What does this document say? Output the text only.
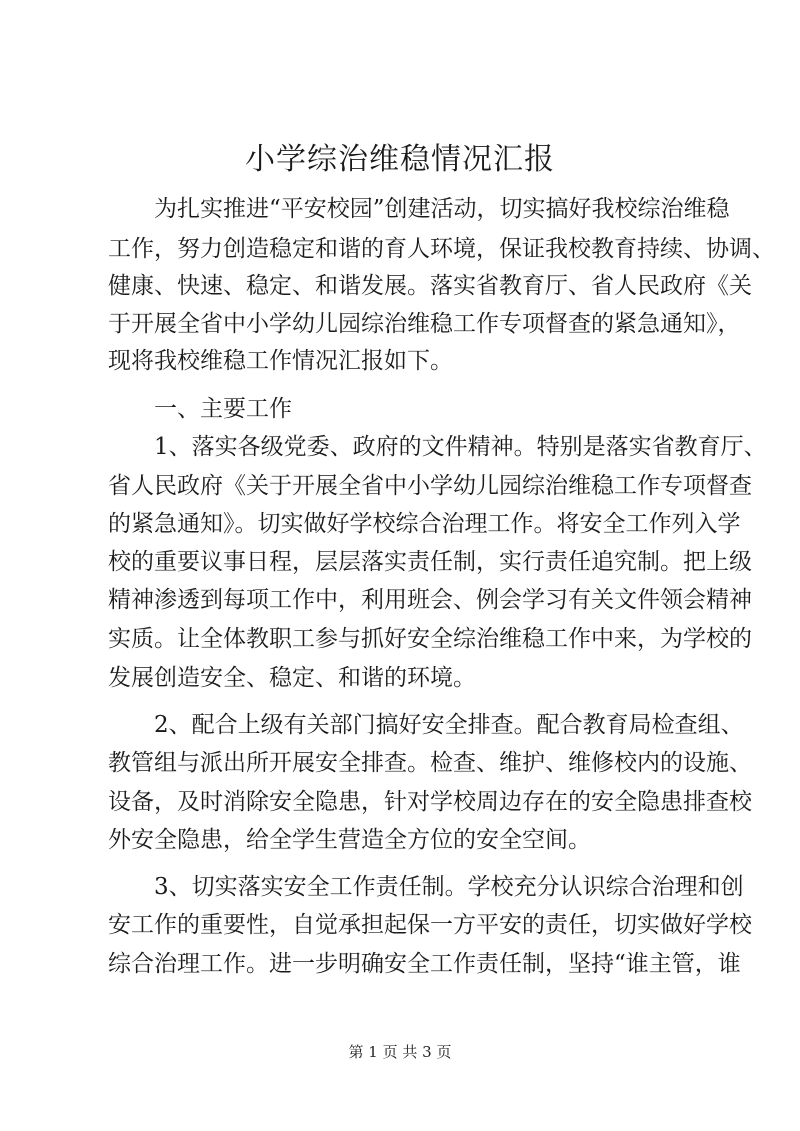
小学综治维稳情况汇报
　　为扎实推进“平安校园”创建活动，切实搞好我校综治维稳
工作，努力创造稳定和谐的育人环境，保证我校教育持续、协调、
健康、快速、稳定、和谐发展。落实省教育厅、省人民政府《关
于开展全省中小学幼儿园综治维稳工作专项督查的紧急通知》，
现将我校维稳工作情况汇报如下。
　　一、主要工作
　　1、落实各级党委、政府的文件精神。特别是落实省教育厅、
省人民政府《关于开展全省中小学幼儿园综治维稳工作专项督查
的紧急通知》。切实做好学校综合治理工作。将安全工作列入学
校的重要议事日程，层层落实责任制，实行责任追究制。把上级
精神渗透到每项工作中，利用班会、例会学习有关文件领会精神
实质。让全体教职工参与抓好安全综治维稳工作中来，为学校的
发展创造安全、稳定、和谐的环境。
　　2、配合上级有关部门搞好安全排查。配合教育局检查组、
教管组与派出所开展安全排查。检查、维护、维修校内的设施、
设备，及时消除安全隐患，针对学校周边存在的安全隐患排查校
外安全隐患，给全学生营造全方位的安全空间。
　　3、切实落实安全工作责任制。学校充分认识综合治理和创
安工作的重要性，自觉承担起保一方平安的责任，切实做好学校
综合治理工作。进一步明确安全工作责任制，坚持“谁主管，谁
第 1 页 共 3 页
